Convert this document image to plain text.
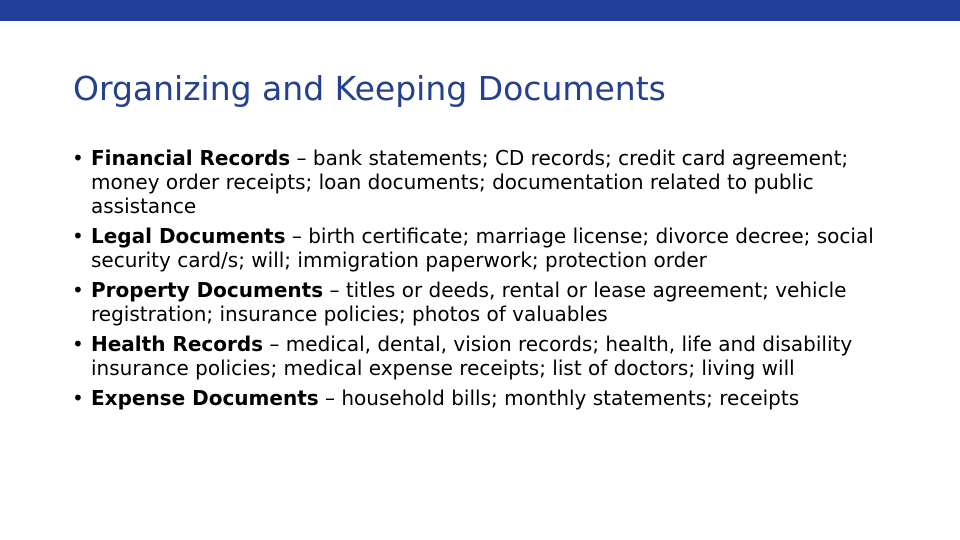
Organizing and Keeping Documents
• Financial Records – bank statements; CD records; credit card agreement; money order receipts; loan documents; documentation related to public assistance
• Legal Documents – birth certificate; marriage license; divorce decree; social security card/s; will; immigration paperwork; protection order
• Property Documents – titles or deeds, rental or lease agreement; vehicle registration; insurance policies; photos of valuables
• Health Records – medical, dental, vision records; health, life and disability insurance policies; medical expense receipts; list of doctors; living will
• Expense Documents – household bills; monthly statements; receipts
